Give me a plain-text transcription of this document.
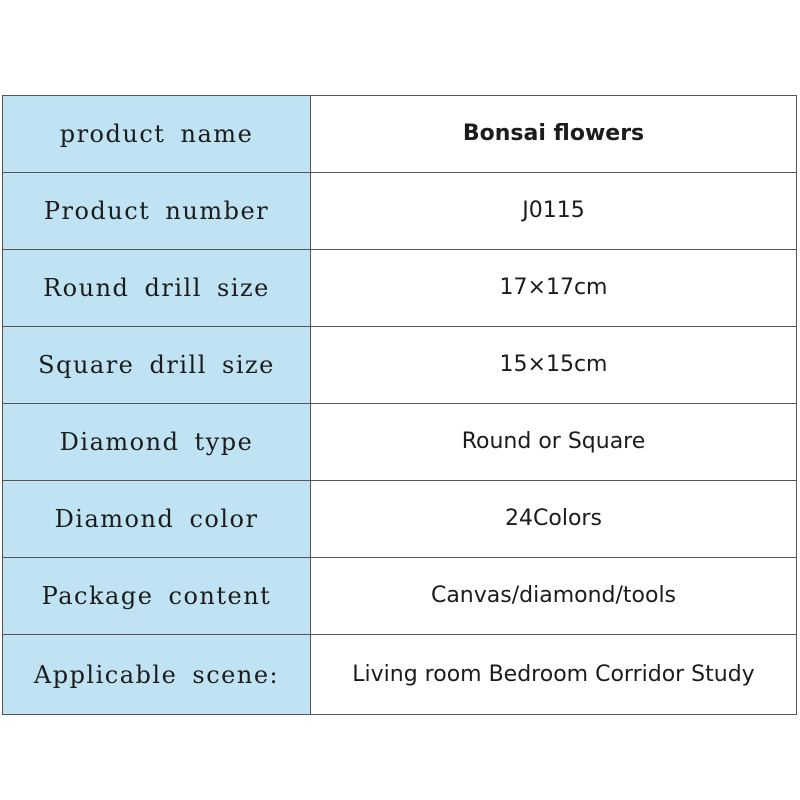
product name	Bonsai flowers
Product number	J0115
Round drill size	17×17cm
Square drill size	15×15cm
Diamond type	Round or Square
Diamond color	24Colors
Package content	Canvas/diamond/tools
Applicable scene:	Living room Bedroom Corridor Study
